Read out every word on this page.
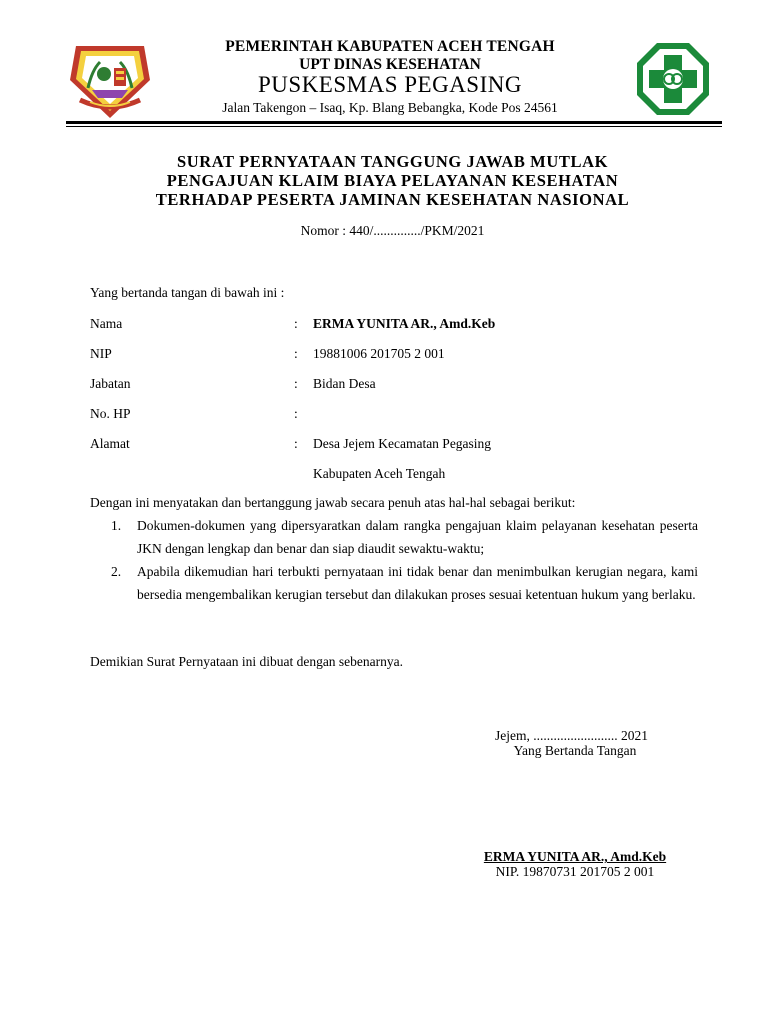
PEMERINTAH KABUPATEN ACEH TENGAH
UPT DINAS KESEHATAN
PUSKESMAS PEGASING
Jalan Takengon – Isaq, Kp. Blang Bebangka, Kode Pos 24561
SURAT PERNYATAAN TANGGUNG JAWAB MUTLAK
PENGAJUAN KLAIM BIAYA PELAYANAN KESEHATAN
TERHADAP PESERTA JAMINAN KESEHATAN NASIONAL
Nomor : 440/............../PKM/2021
Yang bertanda tangan di bawah ini :
Nama	: ERMA YUNITA AR., Amd.Keb
NIP	: 19881006 201705 2 001
Jabatan	: Bidan Desa
No. HP	:
Alamat	: Desa Jejem Kecamatan Pegasing
Kabupaten Aceh Tengah
Dengan ini menyatakan dan bertanggung jawab secara penuh atas hal-hal sebagai berikut:
1. Dokumen-dokumen yang dipersyaratkan dalam rangka pengajuan klaim pelayanan kesehatan peserta JKN dengan lengkap dan benar dan siap diaudit sewaktu-waktu;
2. Apabila dikemudian hari terbukti pernyataan ini tidak benar dan menimbulkan kerugian negara, kami bersedia mengembalikan kerugian tersebut dan dilakukan proses sesuai ketentuan hukum yang berlaku.
Demikian Surat Pernyataan ini dibuat dengan sebenarnya.
Jejem, ......................... 2021
Yang Bertanda Tangan
ERMA YUNITA AR., Amd.Keb
NIP. 19870731 201705 2 001
